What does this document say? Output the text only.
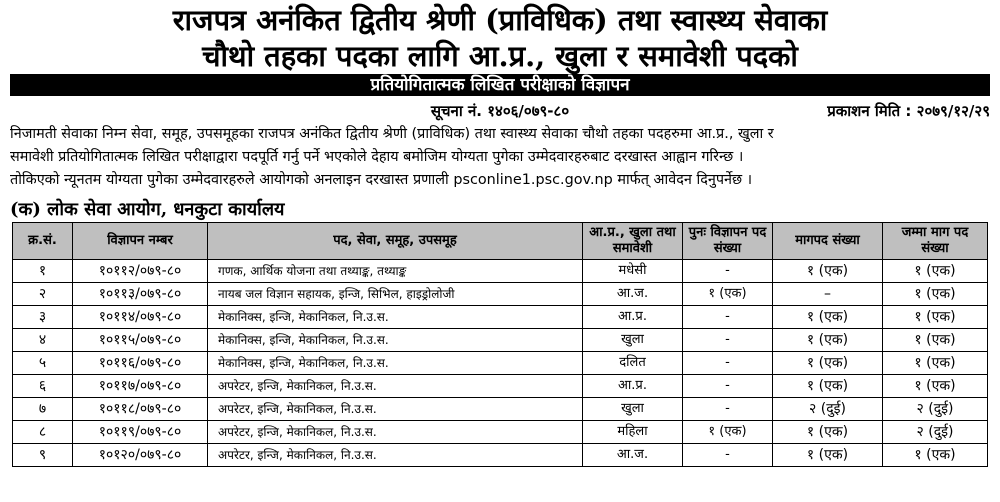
राजपत्र अनंकित द्वितीय श्रेणी (प्राविधिक) तथा स्वास्थ्य सेवाका
चौथो तहका पदका लागि आ.प्र., खुला र समावेशी पदको
प्रतियोगितात्मक लिखित परीक्षाको विज्ञापन
सूचना नं. १४०६/०७९-८०	प्रकाशन मिति : २०७९/१२/२९

निजामती सेवाका निम्न सेवा, समूह, उपसमूहका राजपत्र अनंकित द्वितीय श्रेणी (प्राविधिक) तथा स्वास्थ्य सेवाका चौथो तहका पदहरुमा आ.प्र., खुला र

समावेशी प्रतियोगितात्मक लिखित परीक्षाद्वारा पदपूर्ति गर्नु पर्ने भएकोले देहाय बमोजिम योग्यता पुगेका उम्मेदवारहरुबाट दरखास्त आह्वान गरिन्छ ।

तोकिएको न्यूनतम योग्यता पुगेका उम्मेदवारहरुले आयोगको अनलाइन दरखास्त प्रणाली psconline1.psc.gov.np मार्फत् आवेदन दिनुपर्नेछ ।

(क) लोक सेवा आयोग, धनकुटा कार्यालय
क्र.सं.	विज्ञापन नम्बर	पद, सेवा, समूह, उपसमूह	आ.प्र., खुला तथा समावेशी	पुनः विज्ञापन पद संख्या	मागपद संख्या	जम्मा माग पद संख्या
१	१०११२/०७९-८०	गणक, आर्थिक योजना तथा तथ्याङ्क, तथ्याङ्क	मधेसी	-	१ (एक)	१ (एक)
२	१०११३/०७९-८०	नायब जल विज्ञान सहायक, इन्जि, सिभिल, हाइड्रोलोजी	आ.ज.	१ (एक)	–	१ (एक)
३	१०११४/०७९-८०	मेकानिक्स, इन्जि, मेकानिकल, नि.उ.स.	आ.प्र.	-	१ (एक)	१ (एक)
४	१०११५/०७९-८०	मेकानिक्स, इन्जि, मेकानिकल, नि.उ.स.	खुला	-	१ (एक)	१ (एक)
५	१०११६/०७९-८०	मेकानिक्स, इन्जि, मेकानिकल, नि.उ.स.	दलित	-	१ (एक)	१ (एक)
६	१०११७/०७९-८०	अपरेटर, इन्जि, मेकानिकल, नि.उ.स.	आ.प्र.	-	१ (एक)	१ (एक)
७	१०११८/०७९-८०	अपरेटर, इन्जि, मेकानिकल, नि.उ.स.	खुला	-	२ (दुई)	२ (दुई)
८	१०११९/०७९-८०	अपरेटर, इन्जि, मेकानिकल, नि.उ.स.	महिला	१ (एक)	१ (एक)	२ (दुई)
९	१०१२०/०७९-८०	अपरेटर, इन्जि, मेकानिकल, नि.उ.स.	आ.ज.	-	१ (एक)	१ (एक)
